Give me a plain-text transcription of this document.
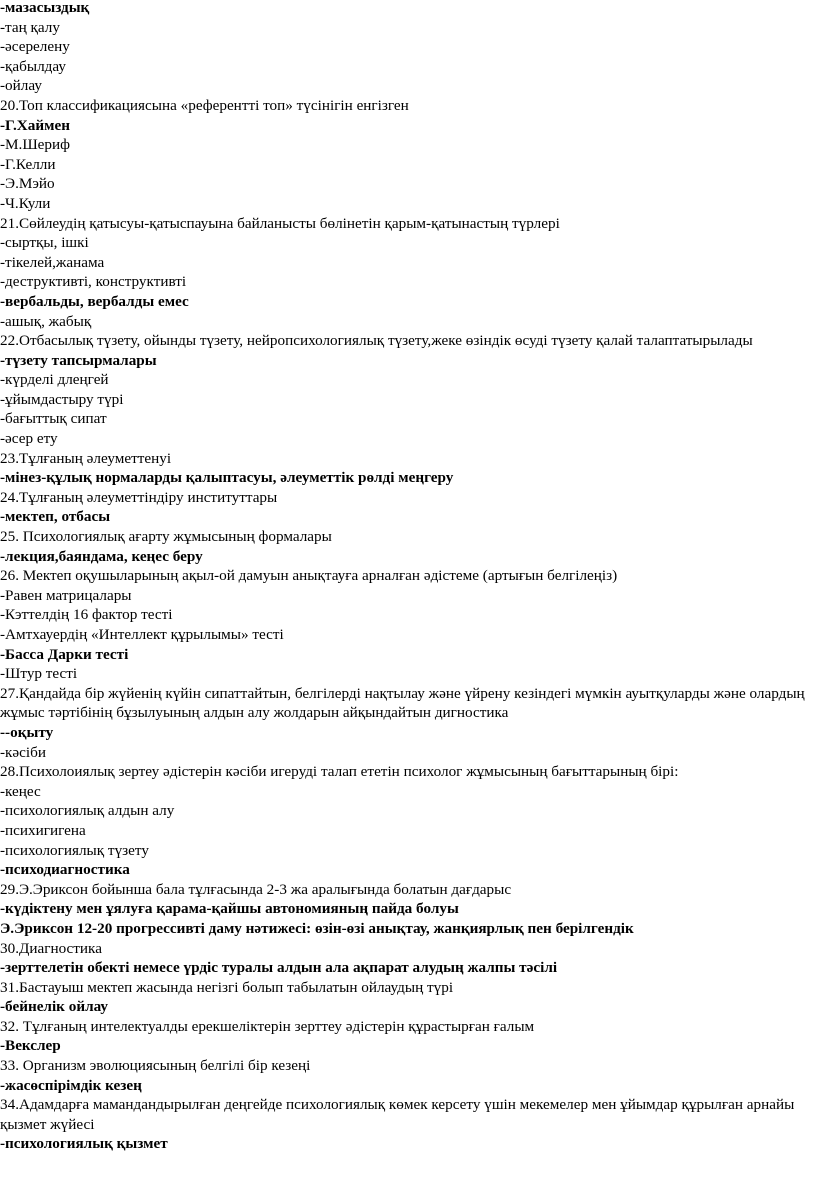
-мазасыздық

-таң қалу

-әсерелену

-қабылдау

-ойлау

20.Топ классификациясына «референтті топ» түсінігін енгізген

-Г.Хаймен

-М.Шериф

-Г.Келли

-Э.Мэйо

-Ч.Кули

21.Сөйлеудің қатысуы-қатыспауына байланысты бөлінетін қарым-қатынастың түрлері

-сыртқы, ішкі

-тікелей,жанама

-деструктивті, конструктивті

-вербальды, вербалды емес

-ашық, жабық

22.Отбасылық түзету, ойынды түзету, нейропсихологиялық түзету,жеке өзіндік өсуді түзету қалай талаптатырылады

-түзету тапсырмалары

-күрделі длеңгей

-ұйымдастыру түрі

-бағыттық сипат

-әсер ету

23.Тұлғаның әлеуметтенуі

-мінез-құлық нормаларды қалыптасуы, әлеуметтік рөлді меңгеру

24.Тұлғаның әлеуметтіндіру институттары

-мектеп, отбасы

25. Психологиялық ағарту жұмысының формалары

-лекция,баяндама, кеңес беру

26. Мектеп оқушыларының ақыл-ой дамуын анықтауға арналған әдістеме (артығын белгілеңіз)

-Равен матрицалары

-Кэттелдің 16 фактор тесті

-Амтхауердің «Интеллект құрылымы» тесті

-Басса Дарки тесті

-Штур тесті

27.Қандайда бір жүйенің күйін сипаттайтын, белгілерді нақтылау және үйрену кезіндегі мүмкін ауытқуларды және олардың жұмыс тәртібінің бұзылуының алдын алу жолдарын айқындайтын дигностика

--оқыту

-кәсіби

28.Психолоиялық зертеу әдістерін кәсіби игеруді талап ететін психолог жұмысының бағыттарының бірі:

-кеңес

-психологиялық алдын алу

-психигигена

-психологиялық түзету

-психодиагностика

29.Э.Эриксон бойынша бала тұлғасында 2-3 жа аралығында болатын дағдарыс

-күдіктену мен ұялуға қарама-қайшы автономияның пайда болуы

Э.Эриксон 12-20 прогрессивті даму нәтижесі: өзін-өзі анықтау, жанқиярлық пен берілгендік

30.Диагностика

-зерттелетін обекті немесе үрдіс туралы алдын ала ақпарат алудың жалпы тәсілі

31.Бастауыш мектеп жасында негізгі болып табылатын ойлаудың түрі

-бейнелік ойлау

32. Тұлғаның интелектуалды ерекшеліктерін зерттеу әдістерін құрастырған ғалым

-Векслер

33. Организм эволюциясының белгілі бір кезеңі

-жасөспірімдік кезең

34.Адамдарға мамандандырылған деңгейде психологиялық көмек керсету үшін мекемелер мен ұйымдар құрылған арнайы қызмет жүйесі

-психологиялық қызмет
